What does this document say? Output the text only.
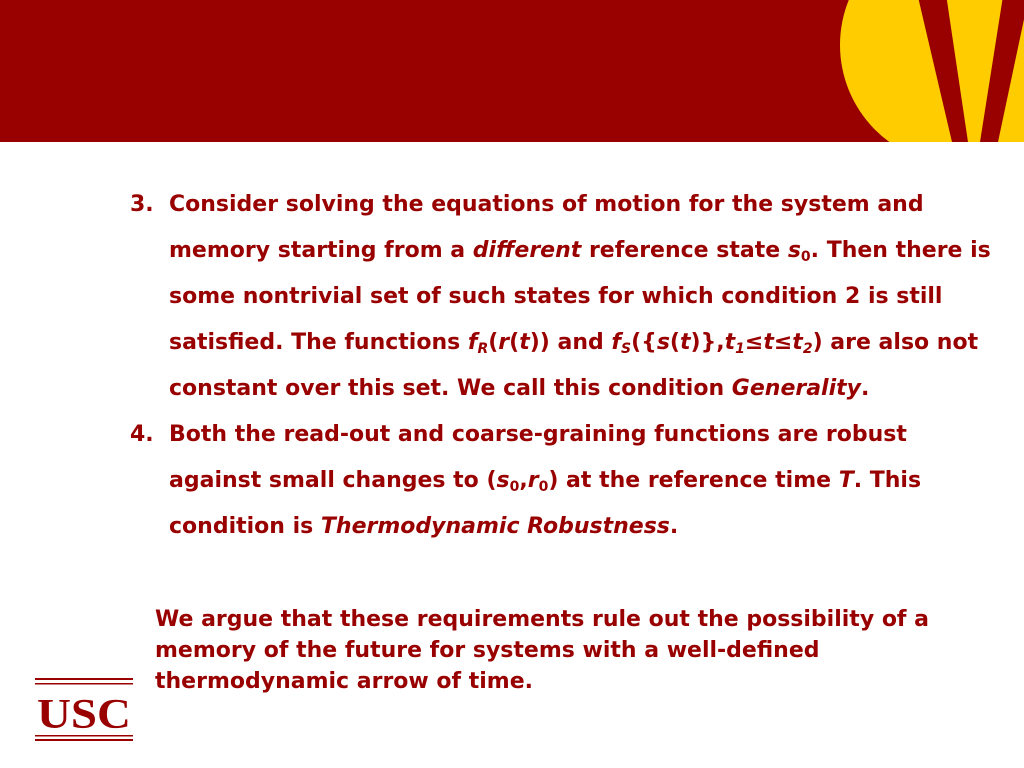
3. Consider solving the equations of motion for the system and memory starting from a different reference state $s_0$. Then there is some nontrivial set of such states for which condition 2 is still satisfied. The functions $f_R(r(t))$ and $f_S(\{s(t)\},t_1\le t\le t_2)$ are also not constant over this set. We call this condition Generality.
4. Both the read-out and coarse-graining functions are robust against small changes to $(s_0,r_0)$ at the reference time T. This condition is Thermodynamic Robustness.
We argue that these requirements rule out the possibility of a memory of the future for systems with a well-defined thermodynamic arrow of time.
USC
